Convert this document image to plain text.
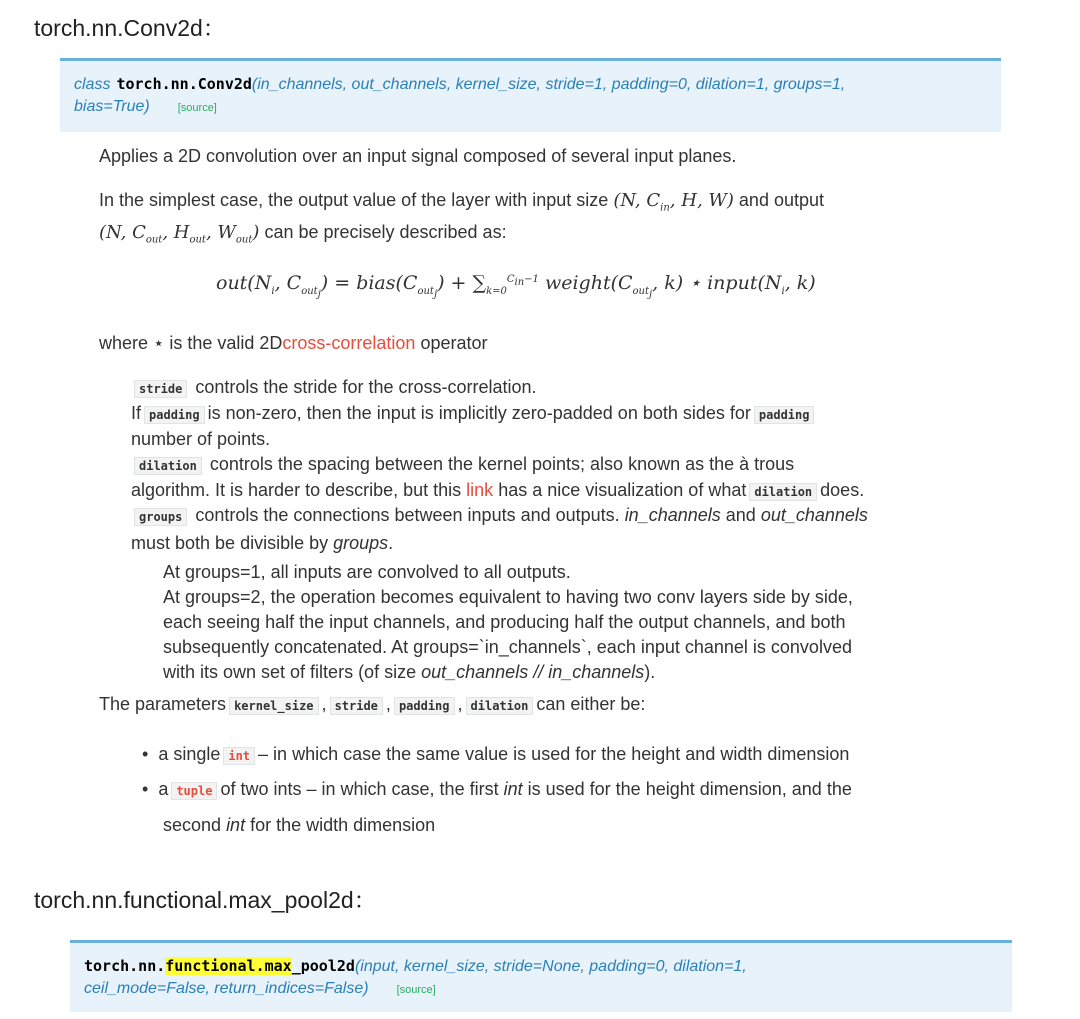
torch.nn.Conv2d：
class torch.nn.Conv2d(in_channels, out_channels, kernel_size, stride=1, padding=0, dilation=1, groups=1,
bias=True)	[source]
Applies a 2D convolution over an input signal composed of several input planes.
In the simplest case, the output value of the layer with input size (N, $C_{in}$, H, W) and output
(N, $C_{out}$, $H_{out}$, $W_{out}$) can be precisely described as:
$out(N_i$, $C_{out_j}$) = $bias(C_{out_j}) + \sum_{k=0}^{C_{in}-1}$ $weight(C_{out_j}$, k) ⋆ $input(N_i$, k)
where ⋆ is the valid 2Dcross-correlation operator
stride controls the stride for the cross-correlation.
If padding is non-zero, then the input is implicitly zero-padded on both sides for padding
number of points.
dilation controls the spacing between the kernel points; also known as the à trous
algorithm. It is harder to describe, but this link has a nice visualization of what dilation does.
groups controls the connections between inputs and outputs. in_channels and out_channels
must both be divisible by groups.
At groups=1, all inputs are convolved to all outputs.
At groups=2, the operation becomes equivalent to having two conv layers side by side,
each seeing half the input channels, and producing half the output channels, and both
subsequently concatenated. At groups=`in_channels`, each input channel is convolved
with its own set of filters (of size out_channels // in_channels).
The parameters kernel_size , stride , padding , dilation can either be:
•  a single int – in which case the same value is used for the height and width dimension
•  a tuple of two ints – in which case, the first int is used for the height dimension, and the
second int for the width dimension
torch.nn.functional.max_pool2d：
torch.nn.functional.max_pool2d(input, kernel_size, stride=None, padding=0, dilation=1,
ceil_mode=False, return_indices=False)	[source]
